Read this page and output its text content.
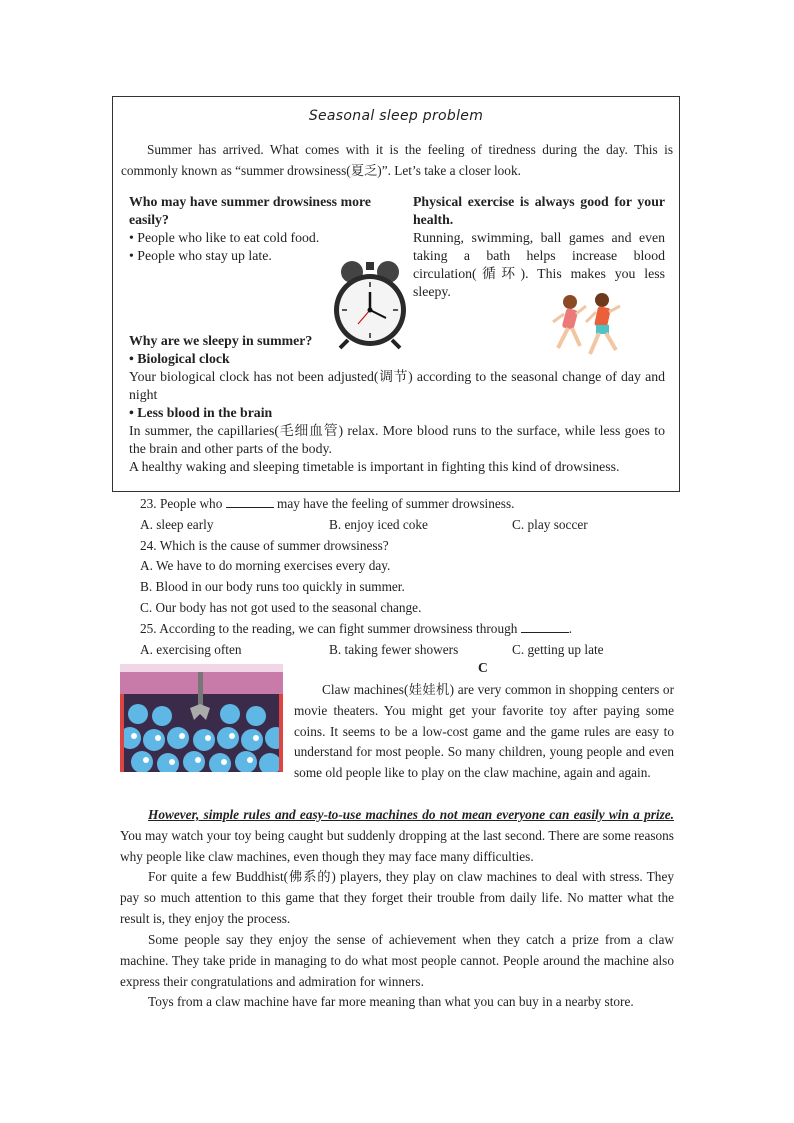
Seasonal sleep problem
Summer has arrived. What comes with it is the feeling of tiredness during the day. This is commonly known as “summer drowsiness(夏乏)”. Let’s take a closer look.
Who may have summer drowsiness more easily?
• People who like to eat cold food.
• People who stay up late.
Physical exercise is always good for your health.
Running, swimming, ball games and even taking a bath helps increase blood circulation(循环). This makes you less sleepy.
Why are we sleepy in summer?
• Biological clock
Your biological clock has not been adjusted(调节) according to the seasonal change of day and night
• Less blood in the brain
In summer, the capillaries(毛细血管) relax. More blood runs to the surface, while less goes to the brain and other parts of the body.
A healthy waking and sleeping timetable is important in fighting this kind of drowsiness.
23. People who	may have the feeling of summer drowsiness.
A. sleep early	B. enjoy iced coke	C. play soccer
24. Which is the cause of summer drowsiness?
A. We have to do morning exercises every day.
B. Blood in our body runs too quickly in summer.
C. Our body has not got used to the seasonal change.
25. According to the reading, we can fight summer drowsiness through	.
A. exercising often	B. taking fewer showers	C. getting up late
C
Claw machines(娃娃机) are very common in shopping centers or movie theaters. You might get your favorite toy after paying some coins. It seems to be a low-cost game and the game rules are easy to understand for most people. So many children, young people and even some old people like to play on the claw machine, again and again.
However, simple rules and easy-to-use machines do not mean everyone can easily win a prize. You may watch your toy being caught but suddenly dropping at the last second. There are some reasons why people like claw machines, even though they may face many difficulties.
For quite a few Buddhist(佛系的) players, they play on claw machines to deal with stress. They pay so much attention to this game that they forget their trouble from daily life. No matter what the result is, they enjoy the process.
Some people say they enjoy the sense of achievement when they catch a prize from a claw machine. They take pride in managing to do what most people cannot. People around the machine also express their congratulations and admiration for winners.
Toys from a claw machine have far more meaning than what you can buy in a nearby store.
